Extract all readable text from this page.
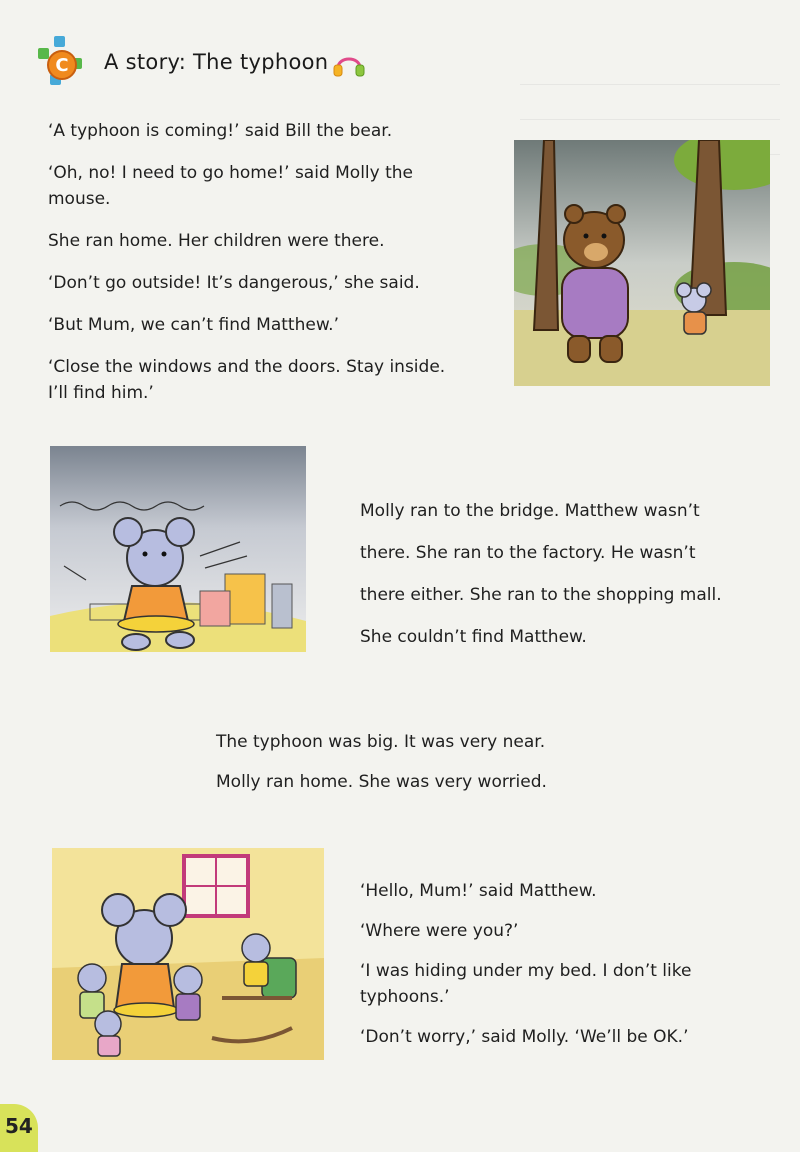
C	A story: The typhoon
‘A typhoon is coming!’ said Bill the bear.
‘Oh, no! I need to go home!’ said Molly the
mouse.
She ran home. Her children were there.
‘Don’t go outside! It’s dangerous,’ she said.
‘But Mum, we can’t find Matthew.’
‘Close the windows and the doors. Stay inside.
I’ll find him.’
Molly ran to the bridge. Matthew wasn’t
there. She ran to the factory. He wasn’t
there either. She ran to the shopping mall.
She couldn’t find Matthew.
The typhoon was big. It was very near.
Molly ran home. She was very worried.
‘Hello, Mum!’ said Matthew.
‘Where were you?’
‘I was hiding under my bed. I don’t like
typhoons.’
‘Don’t worry,’ said Molly. ‘We’ll be OK.’
54
